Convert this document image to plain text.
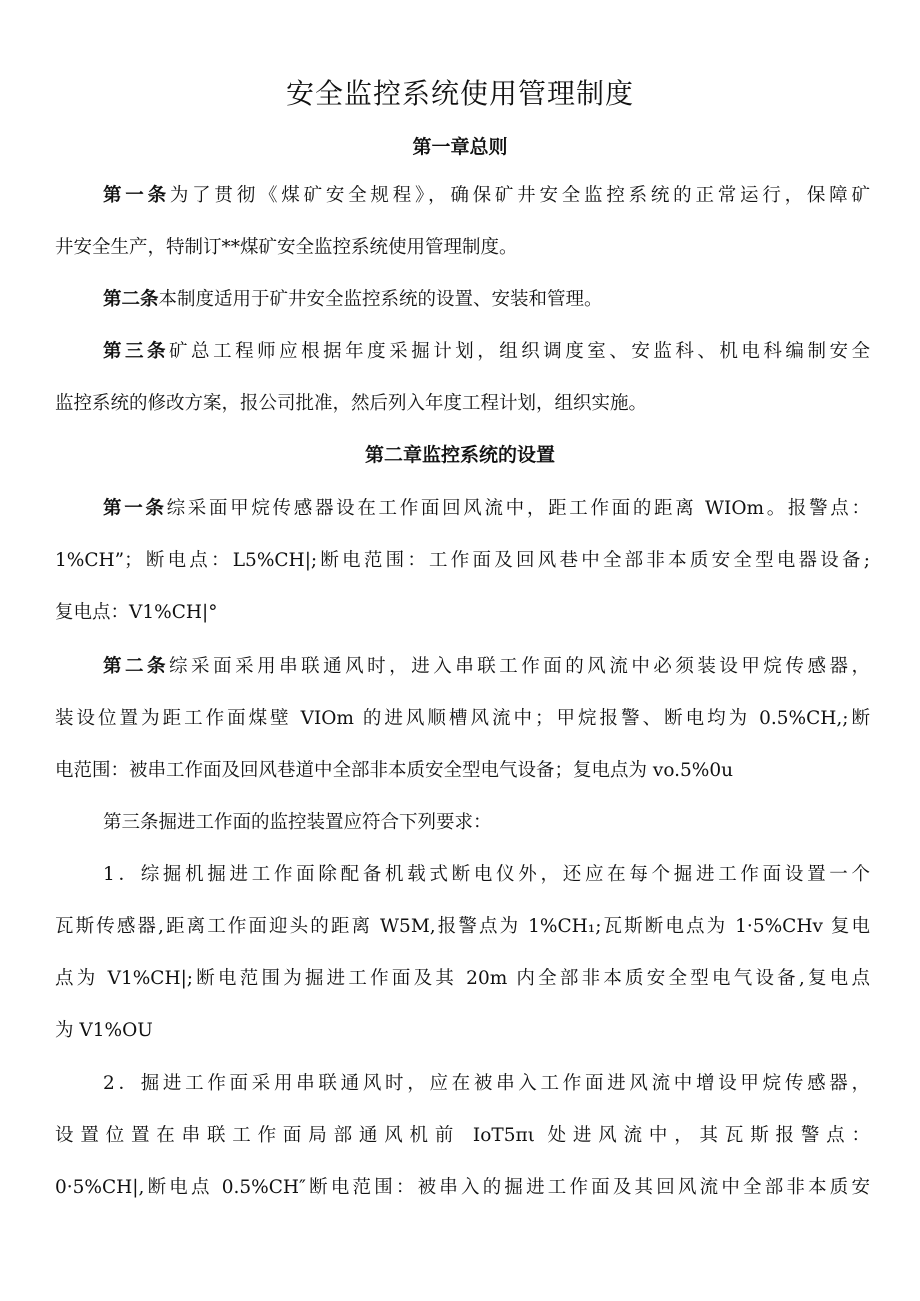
安全监控系统使用管理制度
第一章总则
第一条为了贯彻《煤矿安全规程》，确保矿井安全监控系统的正常运行，保障矿
井安全生产，特制订**煤矿安全监控系统使用管理制度。
第二条本制度适用于矿井安全监控系统的设置、安装和管理。
第三条矿总工程师应根据年度采掘计划，组织调度室、安监科、机电科编制安全
监控系统的修改方案，报公司批准，然后列入年度工程计划，组织实施。
第二章监控系统的设置
第一条综采面甲烷传感器设在工作面回风流中，距工作面的距离 WIOm。报警点：
1%CH”；断电点：L5%CH|;断电范围：工作面及回风巷中全部非本质安全型电器设备;
复电点：V1%CH|°
第二条综采面采用串联通风时，进入串联工作面的风流中必须装设甲烷传感器，
装设位置为距工作面煤壁 VIOm 的进风顺槽风流中；甲烷报警、断电均为 0.5%CH,;断
电范围：被串工作面及回风巷道中全部非本质安全型电气设备；复电点为 vo.5%0u
第三条掘进工作面的监控装置应符合下列要求：
1．综掘机掘进工作面除配备机载式断电仪外，还应在每个掘进工作面设置一个
瓦斯传感器,距离工作面迎头的距离 W5M,报警点为 1%CH₁;瓦斯断电点为 1·5%CHv 复电
点为 V1%CH|;断电范围为掘进工作面及其 20m 内全部非本质安全型电气设备,复电点
为 V1%OU
2．掘进工作面采用串联通风时，应在被串入工作面进风流中增设甲烷传感器，
设置位置在串联工作面局部通风机前 IoT5πι 处进风流中，其瓦斯报警点：
0·5%CH|,断电点 0.5%CH″断电范围：被串入的掘进工作面及其回风流中全部非本质安
